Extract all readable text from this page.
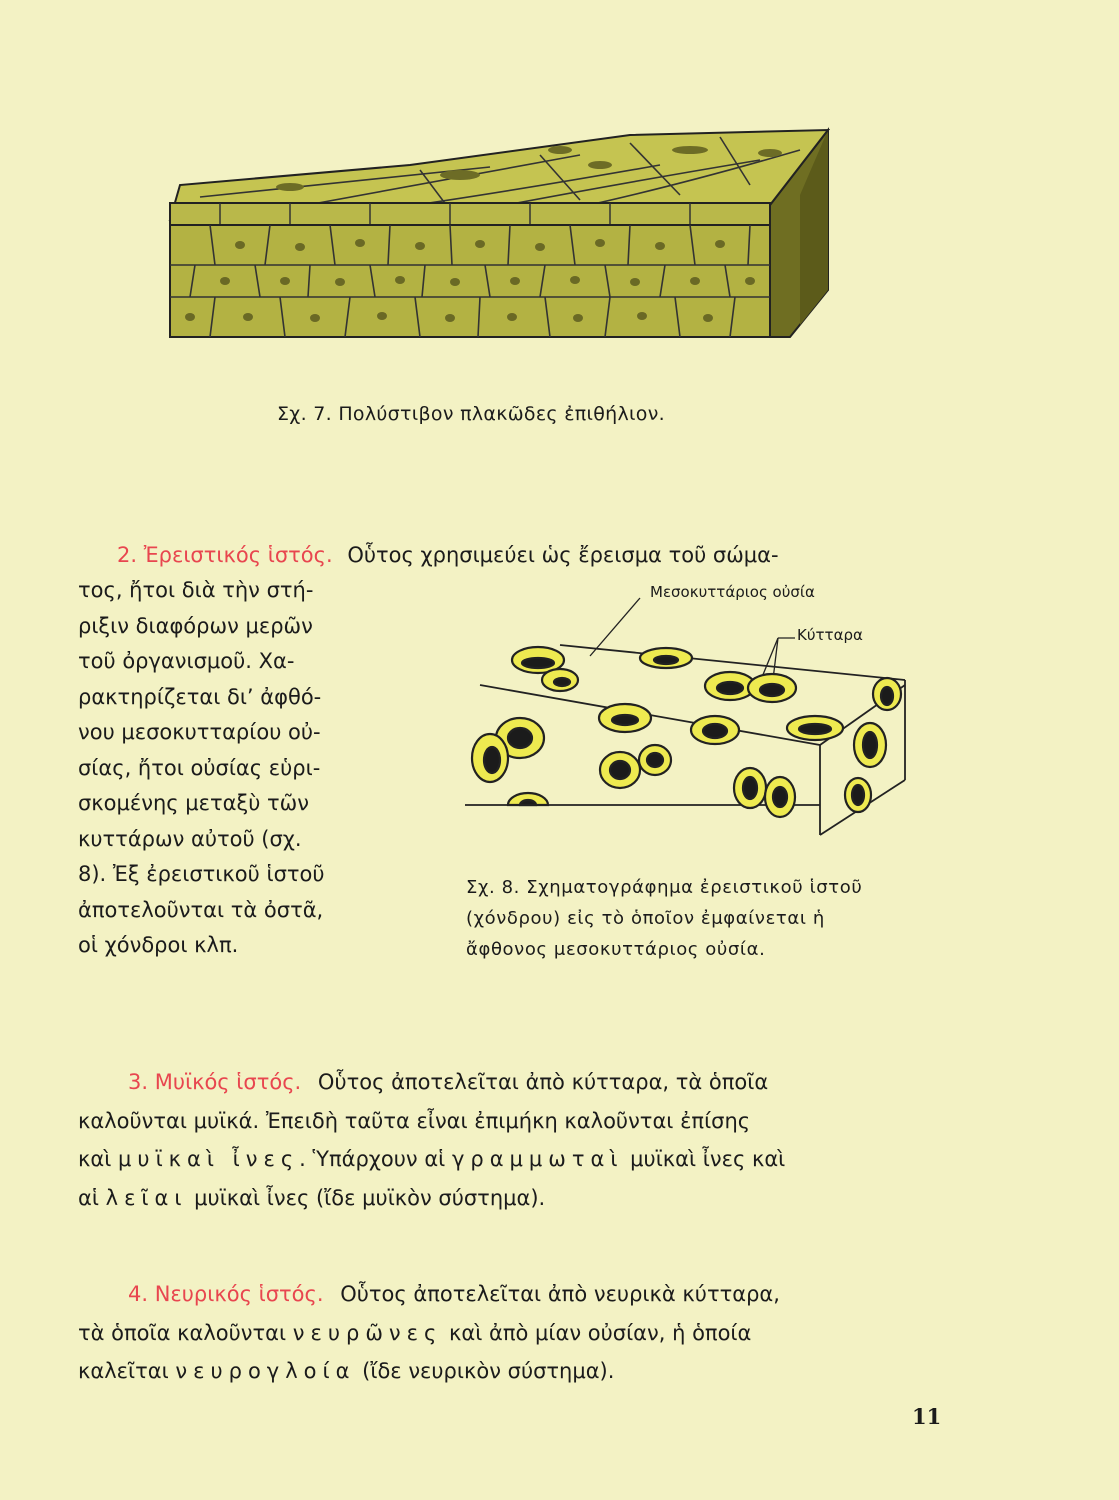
Σχ. 7. Πολύστιβον πλακῶδες ἐπιθήλιον.
2. Ἐρειστικός ἱστός. Οὗτος χρησιμεύει ὡς ἔρεισμα τοῦ σώμα-
τος, ἤτοι διὰ τὴν στή-
ριξιν διαφόρων μερῶν
τοῦ ὀργανισμοῦ. Χα-
ρακτηρίζεται δι’ ἀφθό-
νου μεσοκυτταρίου οὐ-
σίας, ἤτοι οὐσίας εὑρι-
σκομένης μεταξὺ τῶν
κυττάρων αὐτοῦ (σχ.
8). Ἐξ ἐρειστικοῦ ἱστοῦ
ἀποτελοῦνται τὰ ὀστᾶ,
οἱ χόνδροι κλπ.
Μεσοκυττάριος οὐσία
Κύτταρα
Σχ. 8. Σχηματογράφημα ἐρειστικοῦ ἱστοῦ
(χόνδρου) εἰς τὸ ὁποῖον ἐμφαίνεται ἡ
ἄφθονος μεσοκυττάριος οὐσία.
3. Μυϊκός ἱστός. Οὗτος ἀποτελεῖται ἀπὸ κύτταρα, τὰ ὁποῖα
καλοῦνται μυϊκά. Ἐπειδὴ ταῦτα εἶναι ἐπιμήκη καλοῦνται ἐπίσης
καὶ μυϊκαὶ ἶνες. Ὑπάρχουν αἱ γραμμωταὶ μυϊκαὶ ἶνες καὶ
αἱ λεῖαι μυϊκαὶ ἶνες (ἴδε μυϊκὸν σύστημα).
4. Νευρικός ἱστός. Οὗτος ἀποτελεῖται ἀπὸ νευρικὰ κύτταρα,
τὰ ὁποῖα καλοῦνται νευρῶνες καὶ ἀπὸ μίαν οὐσίαν, ἡ ὁποία
καλεῖται νευρογλοία (ἴδε νευρικὸν σύστημα).
11
